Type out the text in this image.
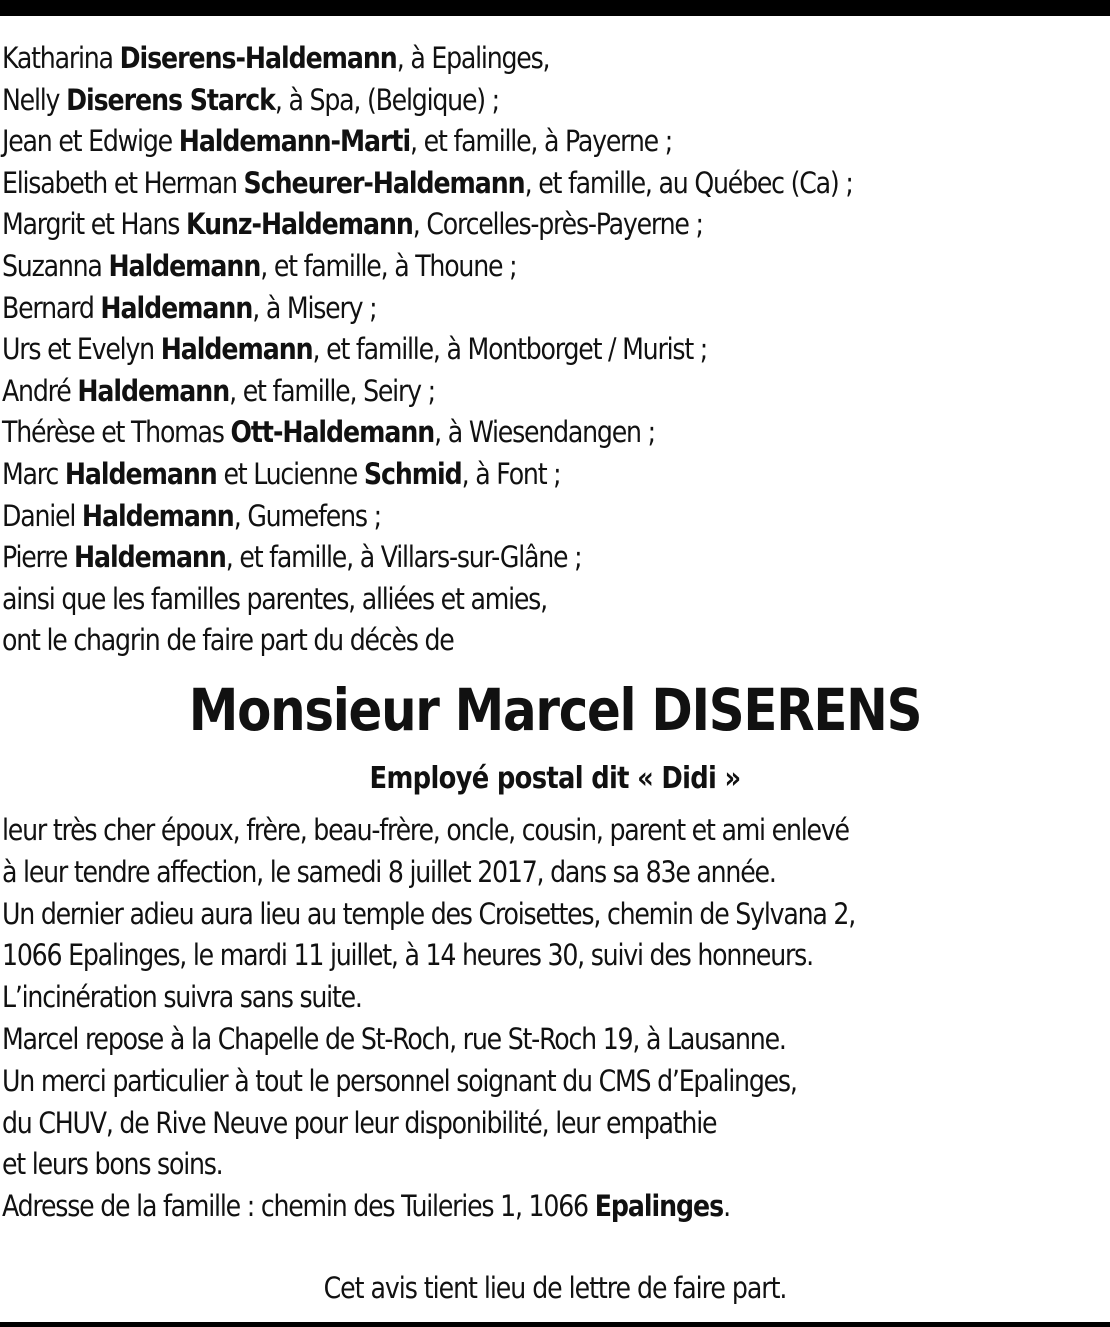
Katharina Diserens-Haldemann, à Epalinges,
Nelly Diserens Starck, à Spa, (Belgique) ;
Jean et Edwige Haldemann-Marti, et famille, à Payerne ;
Elisabeth et Herman Scheurer-Haldemann, et famille, au Québec (Ca) ;
Margrit et Hans Kunz-Haldemann, Corcelles-près-Payerne ;
Suzanna Haldemann, et famille, à Thoune ;
Bernard Haldemann, à Misery ;
Urs et Evelyn Haldemann, et famille, à Montborget / Murist ;
André Haldemann, et famille, Seiry ;
Thérèse et Thomas Ott-Haldemann, à Wiesendangen ;
Marc Haldemann et Lucienne Schmid, à Font ;
Daniel Haldemann, Gumefens ;
Pierre Haldemann, et famille, à Villars-sur-Glâne ;
ainsi que les familles parentes, alliées et amies,
ont le chagrin de faire part du décès de
Monsieur Marcel DISERENS
Employé postal dit « Didi »
leur très cher époux, frère, beau-frère, oncle, cousin, parent et ami enlevé
à leur tendre affection, le samedi 8 juillet 2017, dans sa 83e année.
Un dernier adieu aura lieu au temple des Croisettes, chemin de Sylvana 2,
1066 Epalinges, le mardi 11 juillet, à 14 heures 30, suivi des honneurs.
L’incinération suivra sans suite.
Marcel repose à la Chapelle de St-Roch, rue St-Roch 19, à Lausanne.
Un merci particulier à tout le personnel soignant du CMS d’Epalinges,
du CHUV, de Rive Neuve pour leur disponibilité, leur empathie
et leurs bons soins.
Adresse de la famille : chemin des Tuileries 1, 1066 Epalinges.
Cet avis tient lieu de lettre de faire part.
